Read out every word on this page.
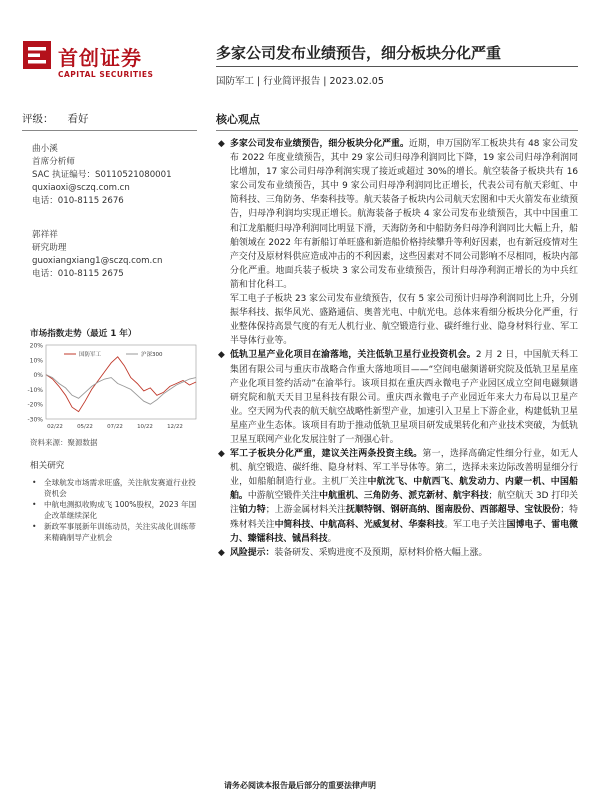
首创证券
CAPITAL SECURITIES
多家公司发布业绩预告，细分板块分化严重
国防军工 | 行业简评报告 | 2023.02.05
评级： 看好
曲小溪
首席分析师
SAC 执证编号：S0110521080001
quxiaoxi@sczq.com.cn
电话：010-8115 2676
郭祥祥
研究助理
guoxiangxiang1@sczq.com.cn
电话：010-8115 2675
市场指数走势（最近 1 年）
20%
10%
0%
-10%
-20%
-30%
02/22	05/22	07/22	10/22	12/22
国防军工	沪深300
资料来源：聚源数据
相关研究
• 全球航发市场需求旺盛，关注航发赛道行业投资机会
• 中航电测拟收购成飞 100%股权，2023 年国企改革继续深化
• 新政军事展新年训练动员，关注实战化训练带来精确制导产业机会
核心观点
◆ 多家公司发布业绩预告，细分板块分化严重。近期，申万国防军工板块共有 48 家公司发布 2022 年度业绩预告，其中 29 家公司归母净利润同比下降，19 家公司归母净利润同比增加，17 家公司归母净利润实现了接近或超过 30%的增长。航空装备子板块共有 16 家公司发布业绩预告，其中 9 家公司归母净利润同比正增长，代表公司有航天彩虹、中简科技、三角防务、华秦科技等。航天装备子板块内公司航天宏图和中天火箭发布业绩预告，归母净利润均实现正增长。航海装备子板块 4 家公司发布业绩预告，其中中国重工和江龙船艇归母净利润同比明显下滑，天海防务和中船防务归母净利润同比大幅上升，船舶领域在 2022 年有新船订单旺盛和新造船价格持续攀升等利好因素，也有新冠疫情对生产交付及原材料供应造成冲击的不利因素，这些因素对不同公司影响不尽相同，板块内部分化严重。地面兵装子板块 3 家公司发布业绩预告，预计归母净利润正增长的为中兵红箭和甘化科工。

军工电子子板块 23 家公司发布业绩预告，仅有 5 家公司预计归母净利润同比上升，分别振华科技、振华风光、盛路通信、奥普光电、中航光电。总体来看细分板块分化严重，行业整体保持高景气度的有无人机行业、航空锻造行业、碳纤维行业、隐身材料行业、军工半导体行业等。

◆ 低轨卫星产业化项目在渝落地，关注低轨卫星行业投资机会。2 月 2 日，中国航天科工集团有限公司与重庆市战略合作重大落地项目——“空间电磁频谱研究院及低轨卫星星座产业化项目签约活动”在渝举行。该项目拟在重庆西永微电子产业园区成立空间电磁频谱研究院和航天天目卫星科技有限公司。重庆西永微电子产业园近年来大力布局以卫星产业。空天网为代表的航天航空战略性新型产业，加速引入卫星上下游企业，构建低轨卫星星座产业生态体。该项目有助于推动低轨卫星项目研发成果转化和产业技术突破，为低轨卫星互联网产业化发展注射了一剂强心针。

◆ 军工子板块分化严重，建议关注两条投资主线。第一，选择高确定性细分行业，如无人机、航空锻造、碳纤维、隐身材料、军工半导体等。第二，选择未来边际改善明显细分行业，如船舶制造行业。主机厂关注中航沈飞、中航西飞、航发动力、内蒙一机、中国船舶。中游航空锻件关注中航重机、三角防务、派克新材、航宇科技；航空航天 3D 打印关注铂力特；上游金属材料关注抚顺特钢、钢研高纳、图南股份、西部超导、宝钛股份；特殊材料关注中简科技、中航高科、光威复材、华秦科技。军工电子关注国博电子、雷电微力、臻镭科技、铖昌科技。

◆ 风险提示：装备研发、采购进度不及预期，原材料价格大幅上涨。

请务必阅读本报告最后部分的重要法律声明
